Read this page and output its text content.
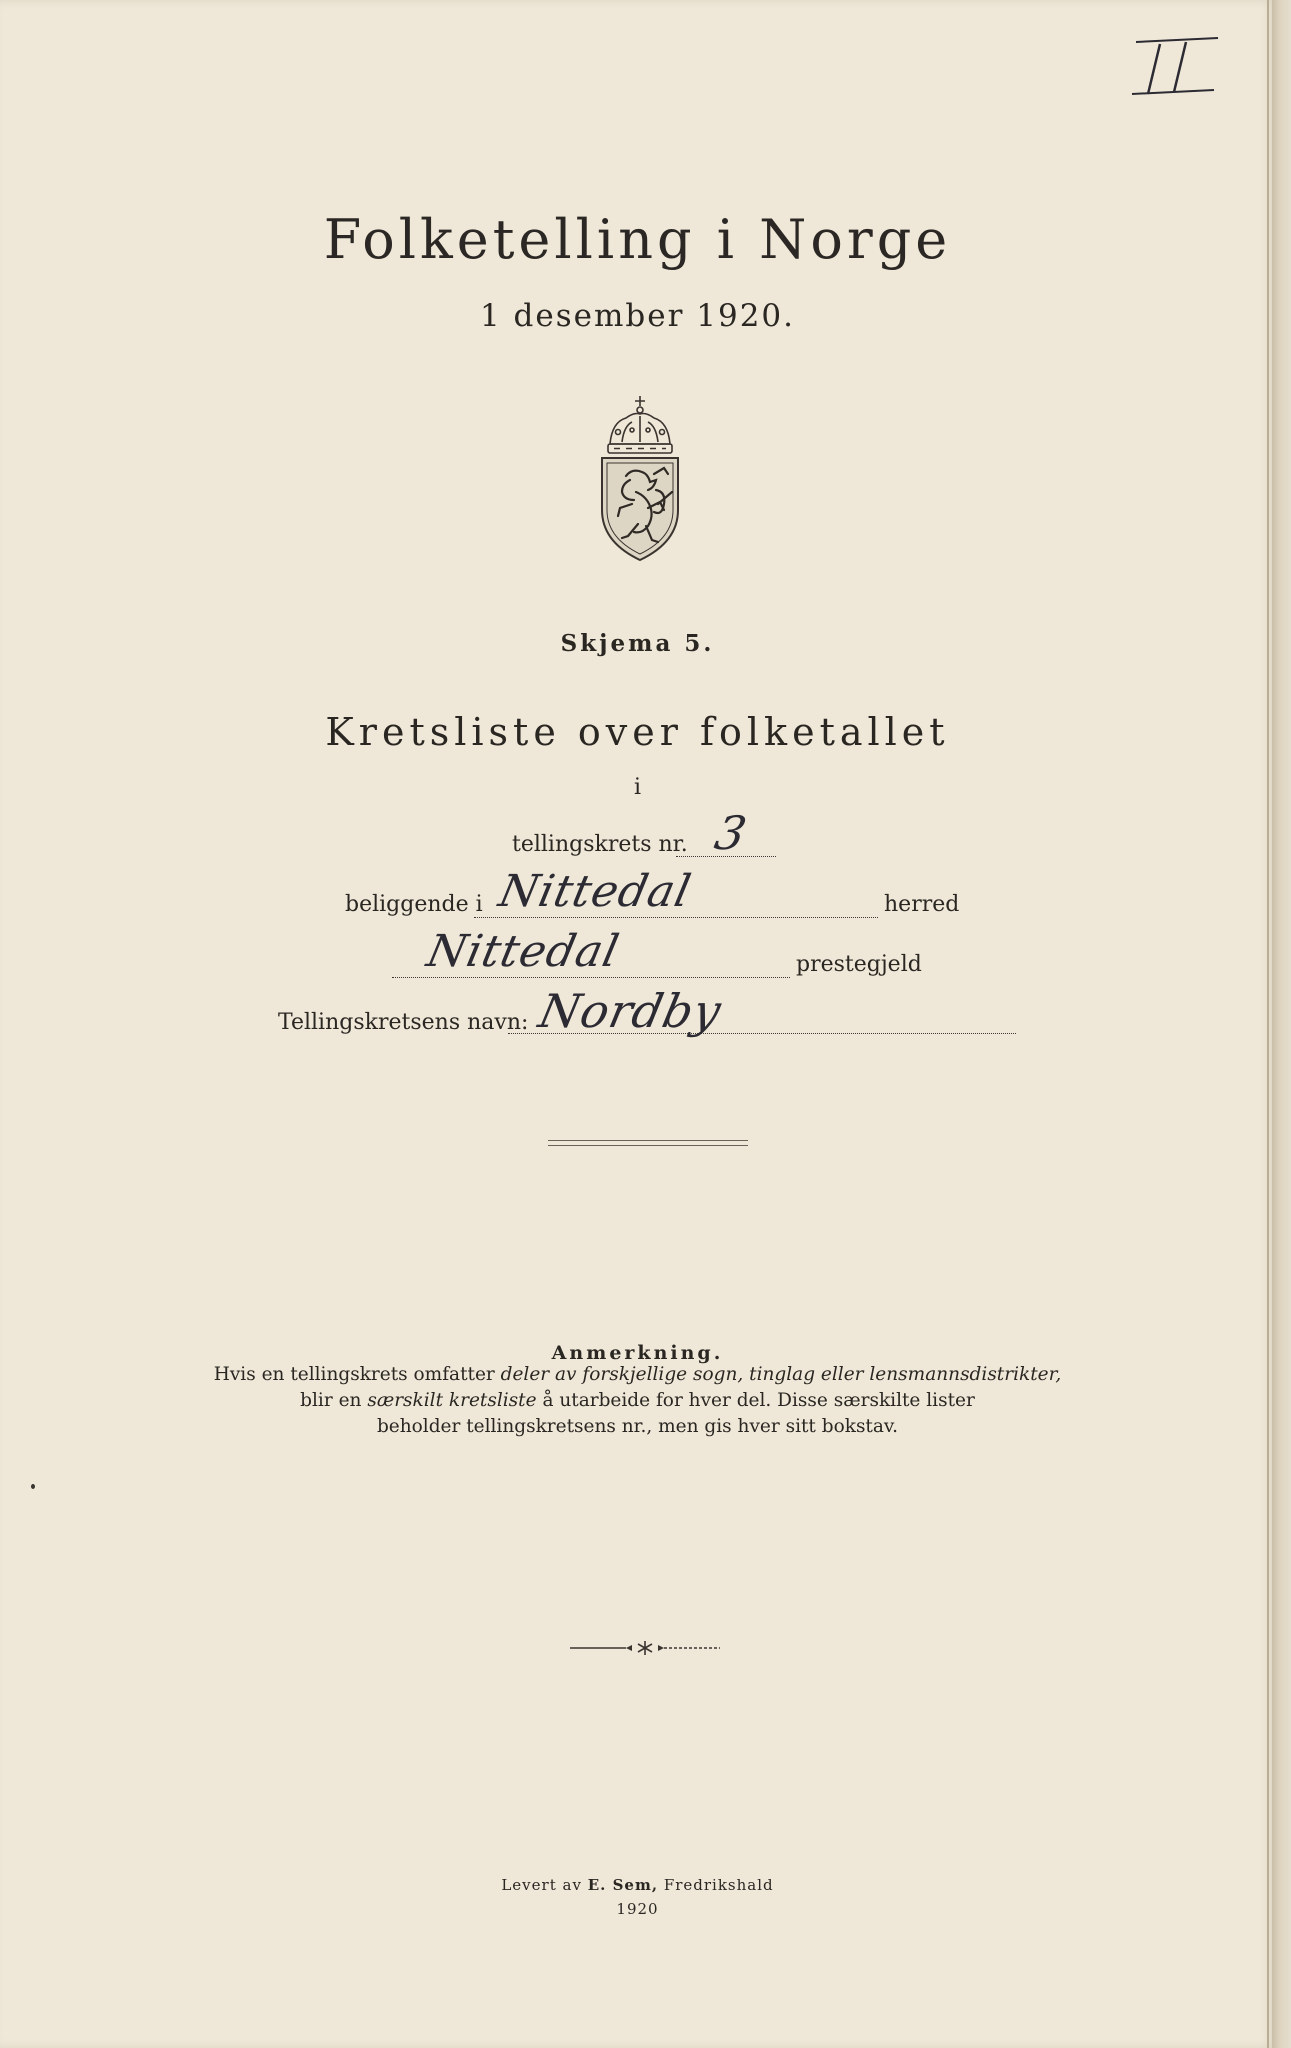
Folketelling i Norge
1 desember 1920.
Skjema 5.
Kretsliste over folketallet
i
tellingskrets nr. 3
beliggende i Nittedal	herred
Nittedal	prestegjeld
Tellingskretsens navn: Nordby
Anmerkning.
Hvis en tellingskrets omfatter deler av forskjellige sogn, tinglag eller lensmannsdistrikter,
blir en særskilt kretsliste å utarbeide for hver del. Disse særskilte lister
beholder tellingskretsens nr., men gis hver sitt bokstav.
Levert av E. Sem, Fredrikshald
1920
